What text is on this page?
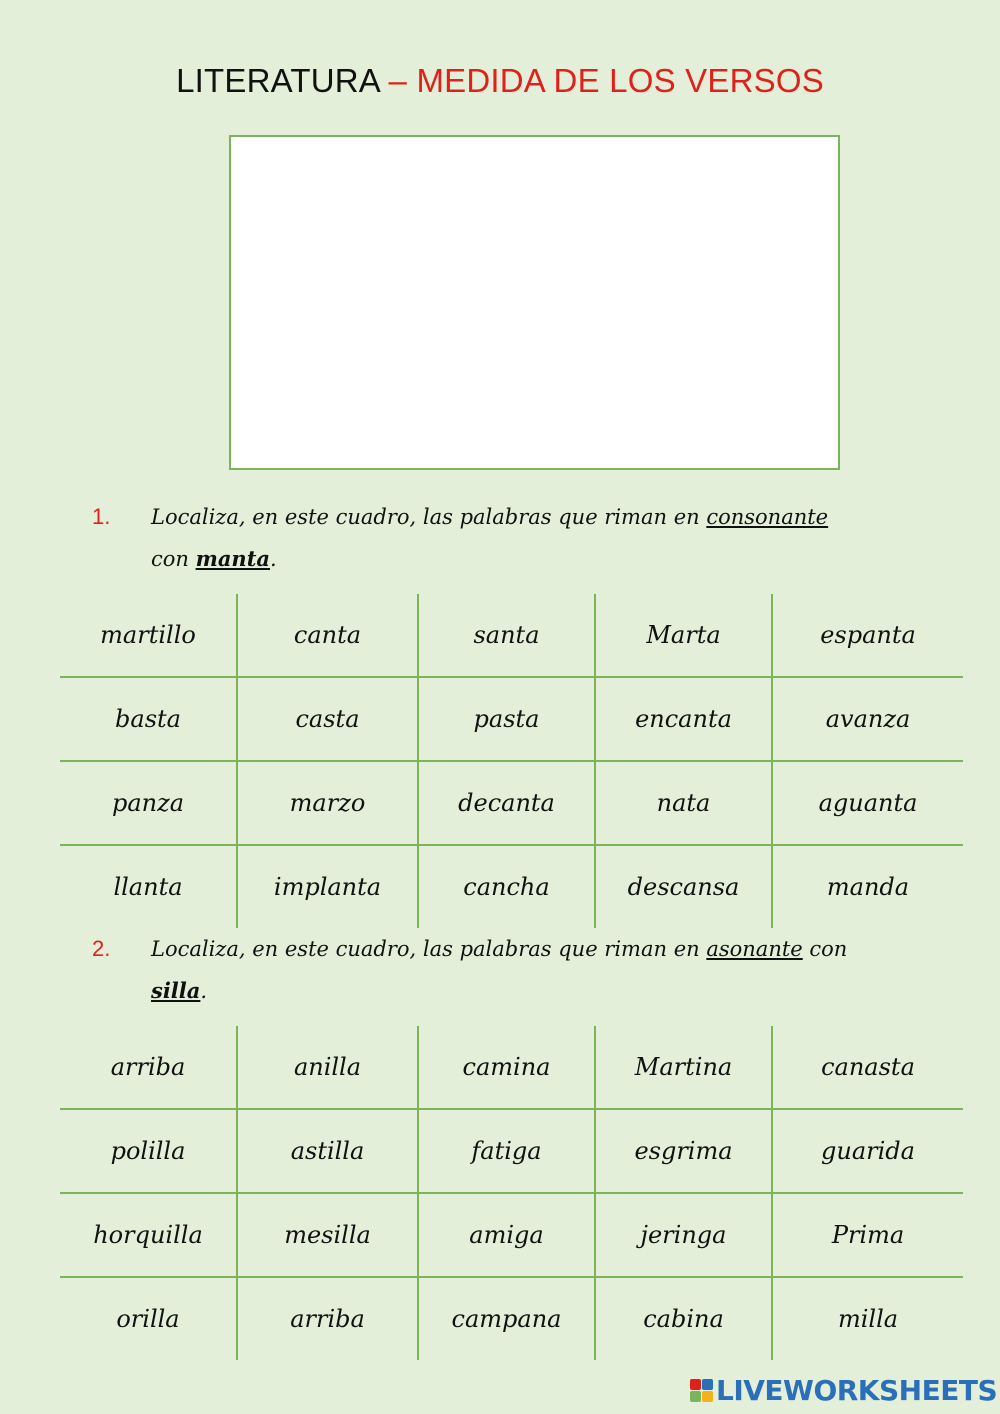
LITERATURA – MEDIDA DE LOS VERSOS
1. Localiza, en este cuadro, las palabras que riman en consonante
con manta.
martillo	canta	santa	Marta	espanta
basta	casta	pasta	encanta	avanza
panza	marzo	decanta	nata	aguanta
llanta	implanta	cancha	descansa	manda
2. Localiza, en este cuadro, las palabras que riman en asonante con
silla.
arriba	anilla	camina	Martina	canasta
polilla	astilla	fatiga	esgrima	guarida
horquilla	mesilla	amiga	jeringa	Prima
orilla	arriba	campana	cabina	milla
LIVEWORKSHEETS
